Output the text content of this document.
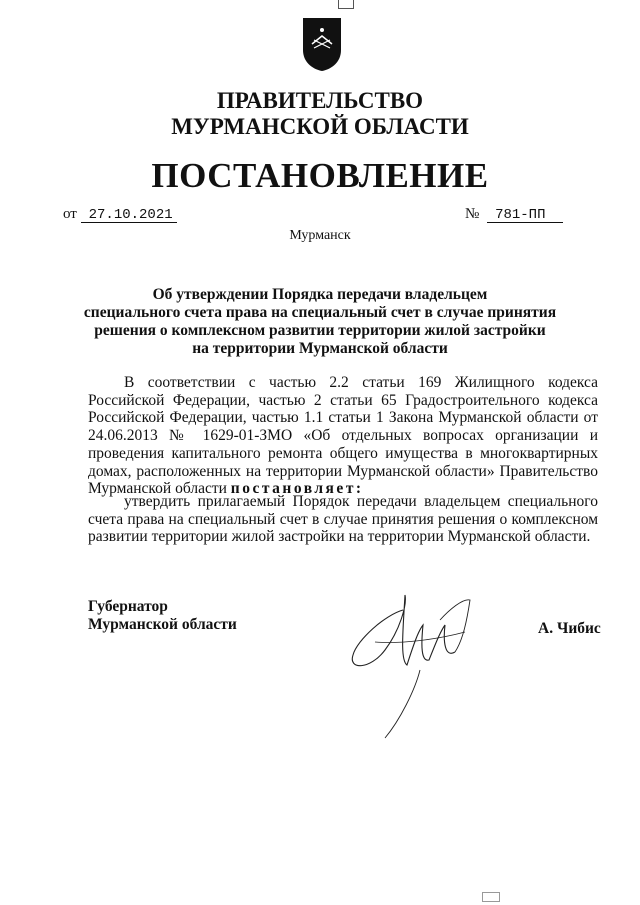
ПРАВИТЕЛЬСТВО
МУРМАНСКОЙ ОБЛАСТИ
ПОСТАНОВЛЕНИЕ
от 27.10.2021	№ 781-ПП
Мурманск
Об утверждении Порядка передачи владельцем
специального счета права на специальный счет в случае принятия
решения о комплексном развитии территории жилой застройки
на территории Мурманской области
В соответствии с частью 2.2 статьи 169 Жилищного кодекса Российской Федерации, частью 2 статьи 65 Градостроительного кодекса Российской Федерации, частью 1.1 статьи 1 Закона Мурманской области от 24.06.2013 № 1629-01-ЗМО «Об отдельных вопросах организации и проведения капитального ремонта общего имущества в многоквартирных домах, расположенных на территории Мурманской области» Правительство Мурманской области постановляет:
утвердить прилагаемый Порядок передачи владельцем специального счета права на специальный счет в случае принятия решения о комплексном развитии территории жилой застройки на территории Мурманской области.
Губернатор
Мурманской области	А. Чибис
